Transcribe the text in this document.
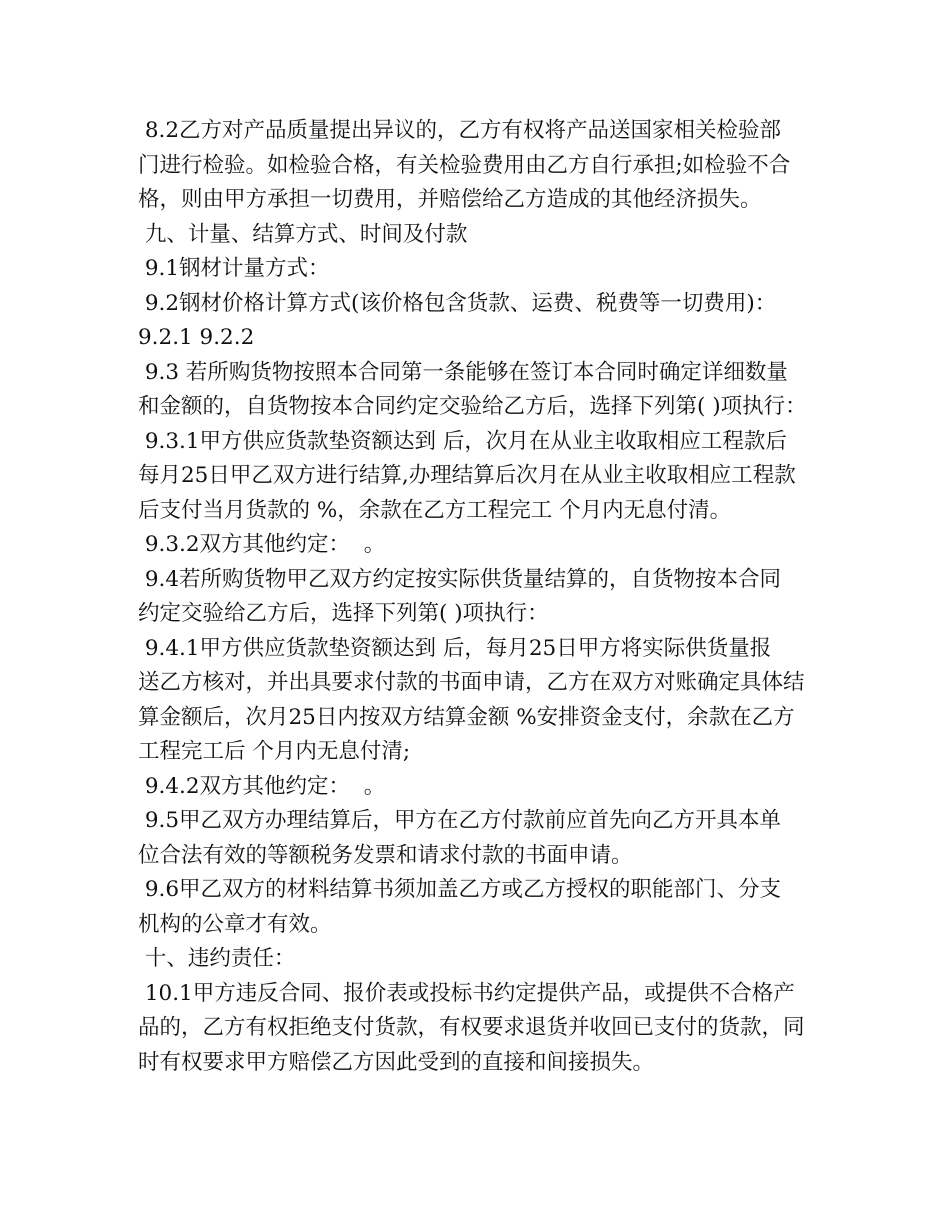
8.2乙方对产品质量提出异议的，乙方有权将产品送国家相关检验部
门进行检验。如检验合格，有关检验费用由乙方自行承担;如检验不合
格，则由甲方承担一切费用，并赔偿给乙方造成的其他经济损失。
九、计量、结算方式、时间及付款
9.1钢材计量方式：
9.2钢材价格计算方式(该价格包含货款、运费、税费等一切费用)：
9.2.1 9.2.2
9.3 若所购货物按照本合同第一条能够在签订本合同时确定详细数量
和金额的，自货物按本合同约定交验给乙方后，选择下列第( )项执行：
9.3.1甲方供应货款垫资额达到 后，次月在从业主收取相应工程款后
每月25日甲乙双方进行结算,办理结算后次月在从业主收取相应工程款
后支付当月货款的 %，余款在乙方工程完工 个月内无息付清。
9.3.2双方其他约定：  。
9.4若所购货物甲乙双方约定按实际供货量结算的，自货物按本合同
约定交验给乙方后，选择下列第( )项执行：
9.4.1甲方供应货款垫资额达到 后，每月25日甲方将实际供货量报
送乙方核对，并出具要求付款的书面申请，乙方在双方对账确定具体结
算金额后，次月25日内按双方结算金额 %安排资金支付，余款在乙方
工程完工后 个月内无息付清;
9.4.2双方其他约定：  。
9.5甲乙双方办理结算后，甲方在乙方付款前应首先向乙方开具本单
位合法有效的等额税务发票和请求付款的书面申请。
9.6甲乙双方的材料结算书须加盖乙方或乙方授权的职能部门、分支
机构的公章才有效。
十、违约责任：
10.1甲方违反合同、报价表或投标书约定提供产品，或提供不合格产
品的，乙方有权拒绝支付货款，有权要求退货并收回已支付的货款，同
时有权要求甲方赔偿乙方因此受到的直接和间接损失。
